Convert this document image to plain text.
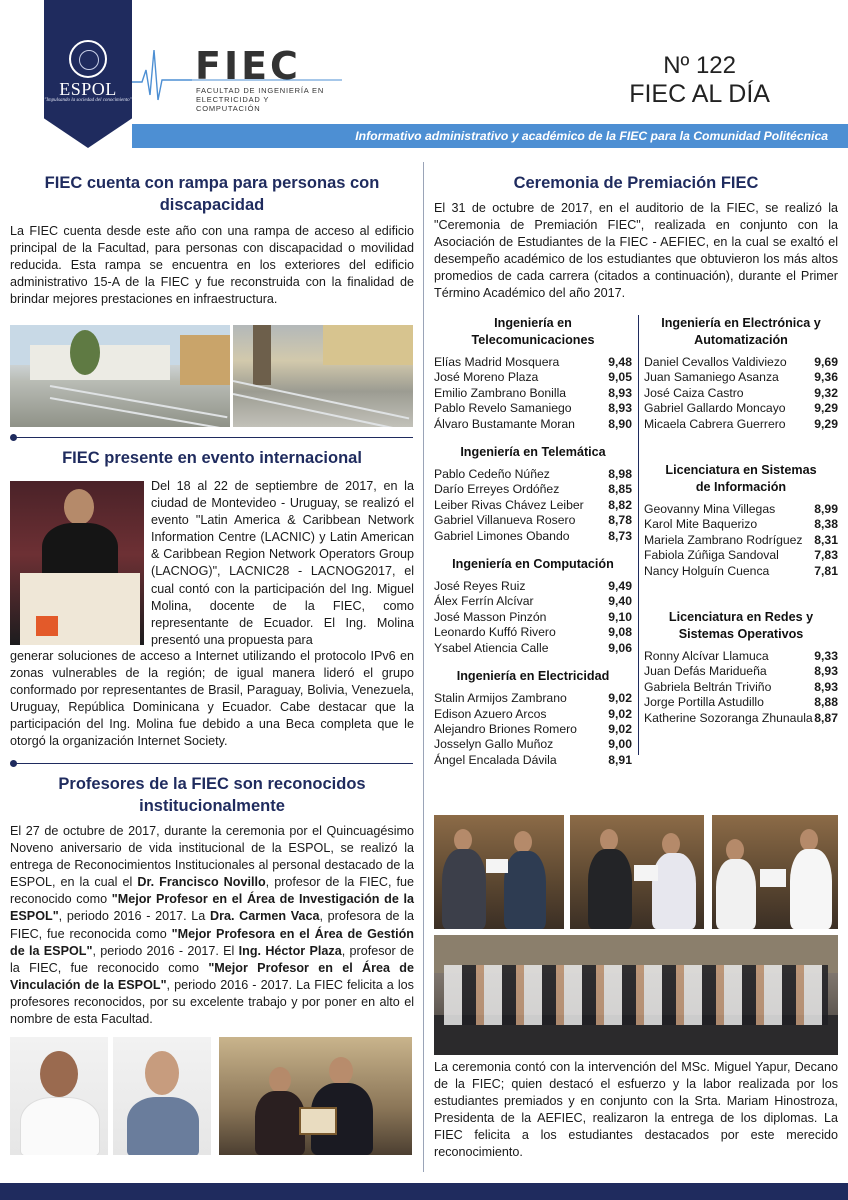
ESPOL
"Impulsando la sociedad del conocimiento"
FIEC
FACULTAD DE INGENIERÍA EN ELECTRICIDAD Y COMPUTACIÓN
Nº 122
FIEC AL DÍA
Informativo administrativo y académico de la FIEC para la Comunidad Politécnica
FIEC cuenta con rampa para personas con discapacidad

La FIEC cuenta desde este año con una rampa de acceso al edificio principal de la Facultad, para personas con discapacidad o movilidad reducida. Esta rampa se encuentra en los exteriores del edificio administrativo 15-A de la FIEC y fue reconstruida con la finalidad de brindar mejores prestaciones en infraestructura.

FIEC presente en evento internacional

Del 18 al 22 de septiembre de 2017, en la ciudad de Montevideo - Uruguay, se realizó el evento "Latin America & Caribbean Network Information Centre (LACNIC) y Latin American & Caribbean Region Network Operators Group (LACNOG)", LACNIC28 - LACNOG2017, el cual contó con la participación del Ing. Miguel Molina, docente de la FIEC, como representante de Ecuador. El Ing. Molina presentó una propuesta para

generar soluciones de acceso a Internet utilizando el protocolo IPv6 en zonas vulnerables de la región; de igual manera lideró el grupo conformado por representantes de Brasil, Paraguay, Bolivia, Venezuela, Uruguay, República Dominicana y Ecuador. Cabe destacar que la participación del Ing. Molina fue debido a una Beca completa que le otorgó la organización Internet Society.

Profesores de la FIEC son reconocidos institucionalmente

El 27 de octubre de 2017, durante la ceremonia por el Quincuagésimo Noveno aniversario de vida institucional de la ESPOL, se realizó la entrega de Reconocimientos Institucionales al personal destacado de la ESPOL, en la cual el Dr. Francisco Novillo, profesor de la FIEC, fue reconocido como "Mejor Profesor en el Área de Investigación de la ESPOL", periodo 2016 - 2017. La Dra. Carmen Vaca, profesora de la FIEC, fue reconocida como "Mejor Profesora en el Área de Gestión de la ESPOL", periodo 2016 - 2017. El Ing. Héctor Plaza, profesor de la FIEC, fue reconocido como "Mejor Profesor en el Área de Vinculación de la ESPOL", periodo 2016 - 2017. La FIEC felicita a los profesores reconocidos, por su excelente trabajo y por poner en alto el nombre de esta Facultad.

Ceremonia de Premiación FIEC

El 31 de octubre de 2017, en el auditorio de la FIEC, se realizó la "Ceremonia de Premiación FIEC", realizada en conjunto con la Asociación de Estudiantes de la FIEC - AEFIEC, en la cual se exaltó el desempeño académico de los estudiantes que obtuvieron los más altos promedios de cada carrera (citados a continuación), durante el Primer Término Académico del año 2017.

Ingeniería en Telecomunicaciones
Elías Madrid Mosquera	9,48
José Moreno Plaza	9,05
Emilio Zambrano Bonilla	8,93
Pablo Revelo Samaniego	8,93
Álvaro Bustamante Moran	8,90
Ingeniería en Telemática
Pablo Cedeño Núñez	8,98
Darío Erreyes Ordóñez	8,85
Leiber Rivas Chávez Leiber 8,82
Gabriel Villanueva Rosero	8,78
Gabriel Limones Obando	8,73
Ingeniería en Computación
José Reyes Ruiz	9,49
Álex Ferrín Alcívar	9,40
José Masson Pinzón	9,10
Leonardo Kuffó Rivero	9,08
Ysabel Atiencia Calle	9,06
Ingeniería en Electricidad
Stalin Armijos Zambrano	9,02
Edison Azuero Arcos	9,02
Alejandro Briones Romero	9,02
Josselyn Gallo Muñoz	9,00
Ángel Encalada Dávila	8,91
Ingeniería en Electrónica y Automatización
Daniel Cevallos Valdiviezo 9,69
Juan Samaniego Asanza	9,36
José Caiza Castro	9,32
Gabriel Gallardo Moncayo 9,29
Micaela Cabrera Guerrero 9,29
Licenciatura en Sistemas de Información
Geovanny Mina Villegas	8,99
Karol Mite Baquerizo	8,38
Mariela Zambrano Rodríguez 8,31
Fabiola Zúñiga Sandoval	7,83
Nancy Holguín Cuenca	7,81
Licenciatura en Redes y Sistemas Operativos
Ronny Alcívar Llamuca	9,33
Juan Defás Maridueña	8,93
Gabriela Beltrán Triviño	8,93
Jorge Portilla Astudillo	8,88
Katherine Sozoranga Zhunaula 8,87

La ceremonia contó con la intervención del MSc. Miguel Yapur, Decano de la FIEC; quien destacó el esfuerzo y la labor realizada por los estudiantes premiados y en conjunto con la Srta. Mariam Hinostroza, Presidenta de la AEFIEC, realizaron la entrega de los diplomas. La FIEC felicita a los estudiantes destacados por este merecido reconocimiento.
